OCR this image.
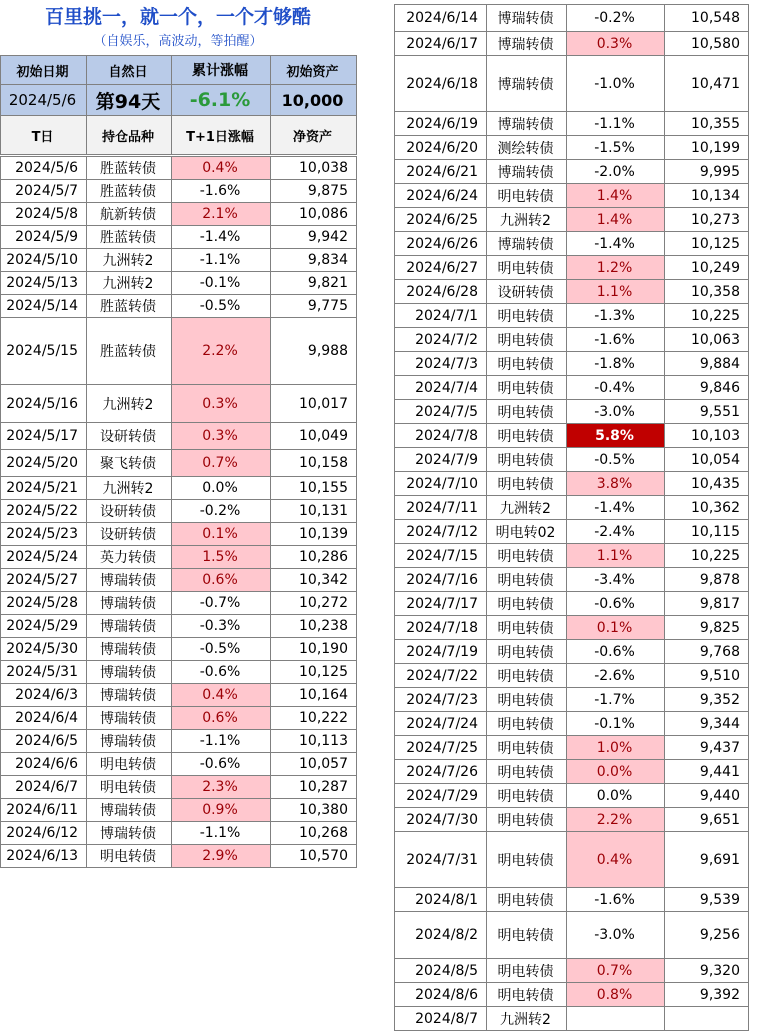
百里挑一，就一个，一个才够酷
（自娱乐，高波动，等拍醒）
初始日期	自然日	累计涨幅	初始资产
2024/5/6	第94天	-6.1%	10,000
T日	持仓品种	T+1日涨幅	净资产
2024/5/6	胜蓝转债	0.4%	10,038
2024/5/7	胜蓝转债	-1.6%	9,875
2024/5/8	航新转债	2.1%	10,086
2024/5/9	胜蓝转债	-1.4%	9,942
2024/5/10	九洲转2	-1.1%	9,834
2024/5/13	九洲转2	-0.1%	9,821
2024/5/14	胜蓝转债	-0.5%	9,775
2024/5/15	胜蓝转债	2.2%	9,988
2024/5/16	九洲转2	0.3%	10,017
2024/5/17	设研转债	0.3%	10,049
2024/5/20	聚飞转债	0.7%	10,158
2024/5/21	九洲转2	0.0%	10,155
2024/5/22	设研转债	-0.2%	10,131
2024/5/23	设研转债	0.1%	10,139
2024/5/24	英力转债	1.5%	10,286
2024/5/27	博瑞转债	0.6%	10,342
2024/5/28	博瑞转债	-0.7%	10,272
2024/5/29	博瑞转债	-0.3%	10,238
2024/5/30	博瑞转债	-0.5%	10,190
2024/5/31	博瑞转债	-0.6%	10,125
2024/6/3	博瑞转债	0.4%	10,164
2024/6/4	博瑞转债	0.6%	10,222
2024/6/5	博瑞转债	-1.1%	10,113
2024/6/6	明电转债	-0.6%	10,057
2024/6/7	明电转债	2.3%	10,287
2024/6/11	博瑞转债	0.9%	10,380
2024/6/12	博瑞转债	-1.1%	10,268
2024/6/13	明电转债	2.9%	10,570
2024/6/14	博瑞转债	-0.2%	10,548
2024/6/17	博瑞转债	0.3%	10,580
2024/6/18	博瑞转债	-1.0%	10,471
2024/6/19	博瑞转债	-1.1%	10,355
2024/6/20	测绘转债	-1.5%	10,199
2024/6/21	博瑞转债	-2.0%	9,995
2024/6/24	明电转债	1.4%	10,134
2024/6/25	九洲转2	1.4%	10,273
2024/6/26	博瑞转债	-1.4%	10,125
2024/6/27	明电转债	1.2%	10,249
2024/6/28	设研转债	1.1%	10,358
2024/7/1	明电转债	-1.3%	10,225
2024/7/2	明电转债	-1.6%	10,063
2024/7/3	明电转债	-1.8%	9,884
2024/7/4	明电转债	-0.4%	9,846
2024/7/5	明电转债	-3.0%	9,551
2024/7/8	明电转债	5.8%	10,103
2024/7/9	明电转债	-0.5%	10,054
2024/7/10	明电转债	3.8%	10,435
2024/7/11	九洲转2	-1.4%	10,362
2024/7/12	明电转02	-2.4%	10,115
2024/7/15	明电转债	1.1%	10,225
2024/7/16	明电转债	-3.4%	9,878
2024/7/17	明电转债	-0.6%	9,817
2024/7/18	明电转债	0.1%	9,825
2024/7/19	明电转债	-0.6%	9,768
2024/7/22	明电转债	-2.6%	9,510
2024/7/23	明电转债	-1.7%	9,352
2024/7/24	明电转债	-0.1%	9,344
2024/7/25	明电转债	1.0%	9,437
2024/7/26	明电转债	0.0%	9,441
2024/7/29	明电转债	0.0%	9,440
2024/7/30	明电转债	2.2%	9,651
2024/7/31	明电转债	0.4%	9,691
2024/8/1	明电转债	-1.6%	9,539
2024/8/2	明电转债	-3.0%	9,256
2024/8/5	明电转债	0.7%	9,320
2024/8/6	明电转债	0.8%	9,392
2024/8/7	九洲转2		
